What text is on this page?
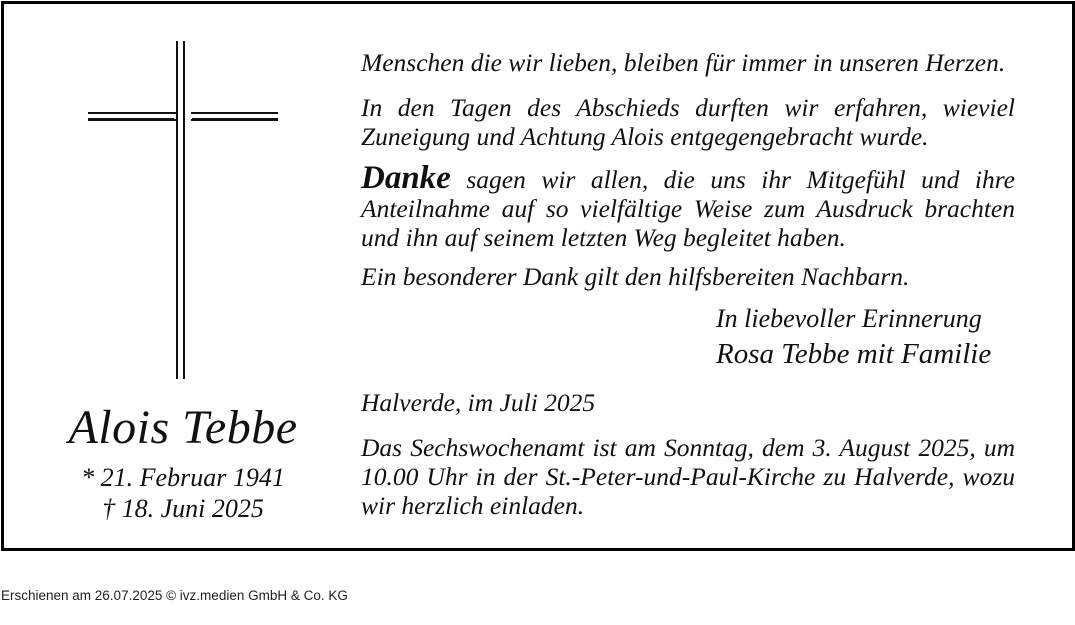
Alois Tebbe
* 21. Februar 1941
† 18. Juni 2025

Menschen die wir lieben, bleiben für immer in unseren Herzen.

In den Tagen des Abschieds durften wir erfahren, wieviel Zuneigung und Achtung Alois entgegengebracht wurde.

Danke sagen wir allen, die uns ihr Mitgefühl und ihre Anteilnahme auf so vielfältige Weise zum Ausdruck brachten und ihn auf seinem letzten Weg begleitet haben.

Ein besonderer Dank gilt den hilfsbereiten Nachbarn.

In liebevoller Erinnerung
Rosa Tebbe mit Familie

Halverde, im Juli 2025

Das Sechswochenamt ist am Sonntag, dem 3. August 2025, um 10.00 Uhr in der St.-Peter-und-Paul-Kirche zu Halverde, wozu wir herzlich einladen.

Erschienen am 26.07.2025 © ivz.medien GmbH & Co. KG
